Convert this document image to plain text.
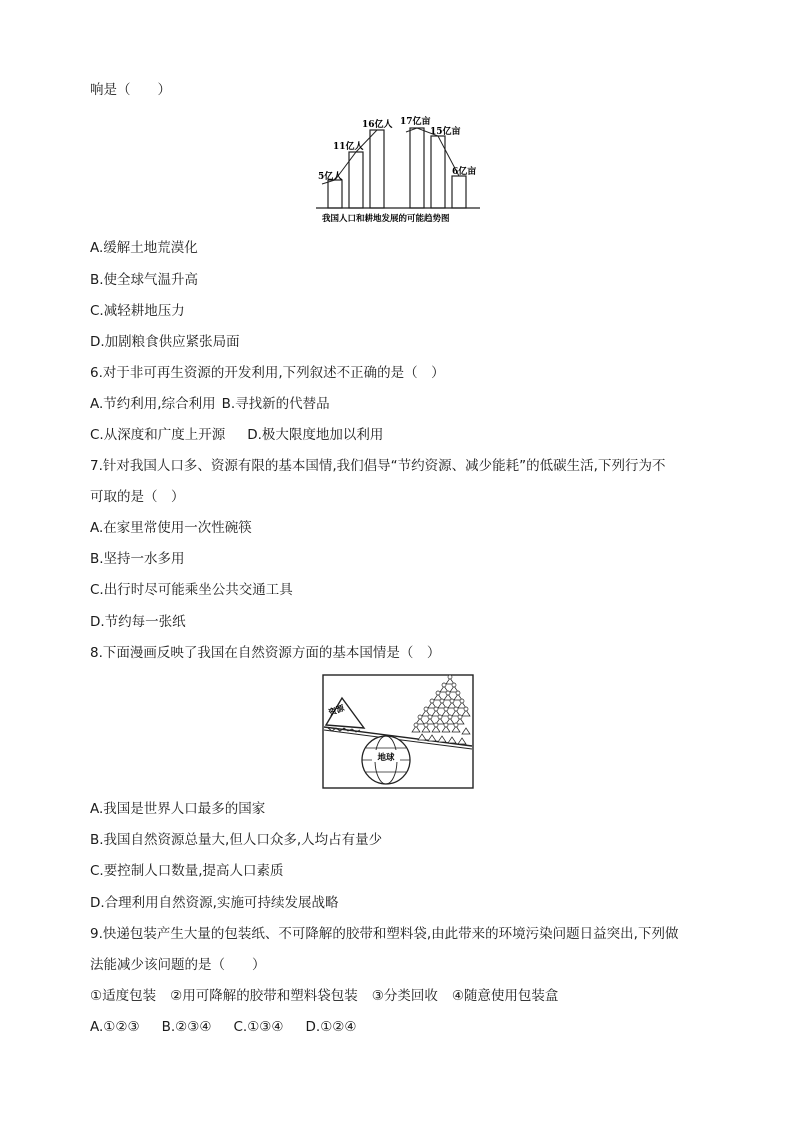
响是（　　）
5亿人
11亿人
16亿人 17亿亩
15亿亩
6亿亩
我国人口和耕地发展的可能趋势图
A.缓解土地荒漠化
B.使全球气温升高
C.减轻耕地压力
D.加剧粮食供应紧张局面
6.对于非可再生资源的开发利用,下列叙述不正确的是（　）
A.节约利用,综合利用 B.寻找新的代替品
C.从深度和广度上开源 D.极大限度地加以利用
7.针对我国人口多、资源有限的基本国情,我们倡导“节约资源、减少能耗”的低碳生活,下列行为不
可取的是（　）
A.在家里常使用一次性碗筷
B.坚持一水多用
C.出行时尽可能乘坐公共交通工具
D.节约每一张纸
8.下面漫画反映了我国在自然资源方面的基本国情是（　）
资源
地球
A.我国是世界人口最多的国家
B.我国自然资源总量大,但人口众多,人均占有量少
C.要控制人口数量,提高人口素质
D.合理利用自然资源,实施可持续发展战略
9.快递包装产生大量的包装纸、不可降解的胶带和塑料袋,由此带来的环境污染问题日益突出,下列做
法能减少该问题的是（　　）
①适度包装 ②用可降解的胶带和塑料袋包装 ③分类回收 ④随意使用包装盒
A.①②③ B.②③④ C.①③④ D.①②④
